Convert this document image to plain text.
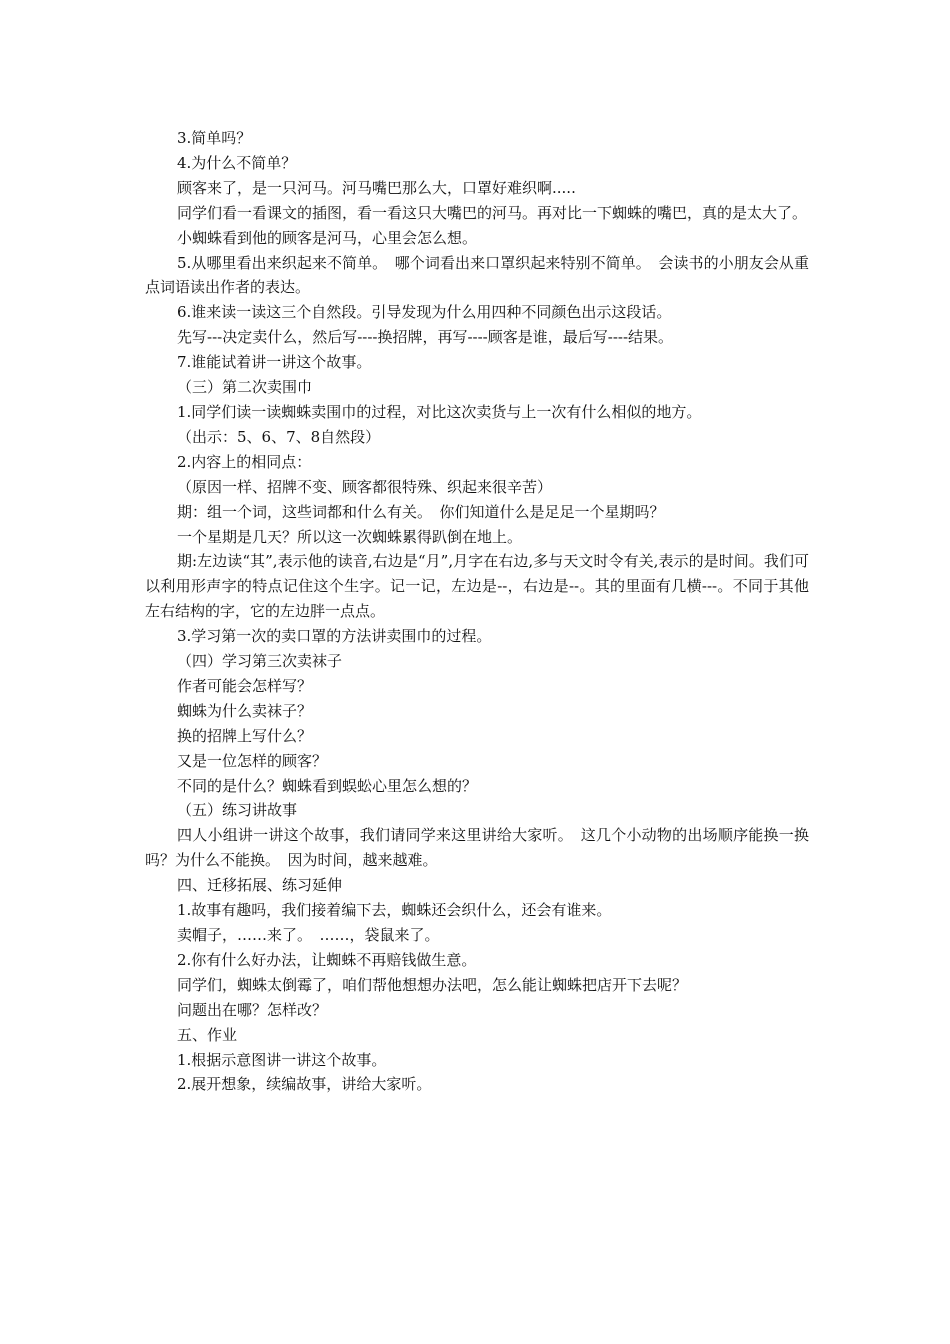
3.简单吗？

4.为什么不简单？

顾客来了，是一只河马。河马嘴巴那么大，口罩好难织啊.....

同学们看一看课文的插图，看一看这只大嘴巴的河马。再对比一下蜘蛛的嘴巴，真的是太大了。

小蜘蛛看到他的顾客是河马，心里会怎么想。

5.从哪里看出来织起来不简单。　哪个词看出来口罩织起来特别不简单。　会读书的小朋友会从重点词语读出作者的表达。

6.谁来读一读这三个自然段。引导发现为什么用四种不同颜色出示这段话。

先写---决定卖什么，然后写----换招牌，再写----顾客是谁，最后写----结果。

7.谁能试着讲一讲这个故事。

（三）第二次卖围巾

1.同学们读一读蜘蛛卖围巾的过程，对比这次卖货与上一次有什么相似的地方。

（出示：5、6、7、8自然段）

2.内容上的相同点：

（原因一样、招牌不变、顾客都很特殊、织起来很辛苦）

期：组一个词，这些词都和什么有关。　你们知道什么是足足一个星期吗？

一个星期是几天？所以这一次蜘蛛累得趴倒在地上。

期:左边读“其”,表示他的读音,右边是“月”,月字在右边,多与天文时令有关,表示的是时间。我们可以利用形声字的特点记住这个生字。记一记，左边是--，右边是--。其的里面有几横---。不同于其他左右结构的字，它的左边胖一点点。

3.学习第一次的卖口罩的方法讲卖围巾的过程。

（四）学习第三次卖袜子

作者可能会怎样写？

蜘蛛为什么卖袜子？

换的招牌上写什么？

又是一位怎样的顾客？

不同的是什么？蜘蛛看到蜈蚣心里怎么想的？

（五）练习讲故事

四人小组讲一讲这个故事，我们请同学来这里讲给大家听。　这几个小动物的出场顺序能换一换吗？为什么不能换。　因为时间，越来越难。

四、迁移拓展、练习延伸

1.故事有趣吗，我们接着编下去，蜘蛛还会织什么，还会有谁来。

卖帽子，……来了。　……，袋鼠来了。

2.你有什么好办法，让蜘蛛不再赔钱做生意。

同学们，蜘蛛太倒霉了，咱们帮他想想办法吧，怎么能让蜘蛛把店开下去呢？

问题出在哪？怎样改？

五、作业

1.根据示意图讲一讲这个故事。

2.展开想象，续编故事，讲给大家听。
